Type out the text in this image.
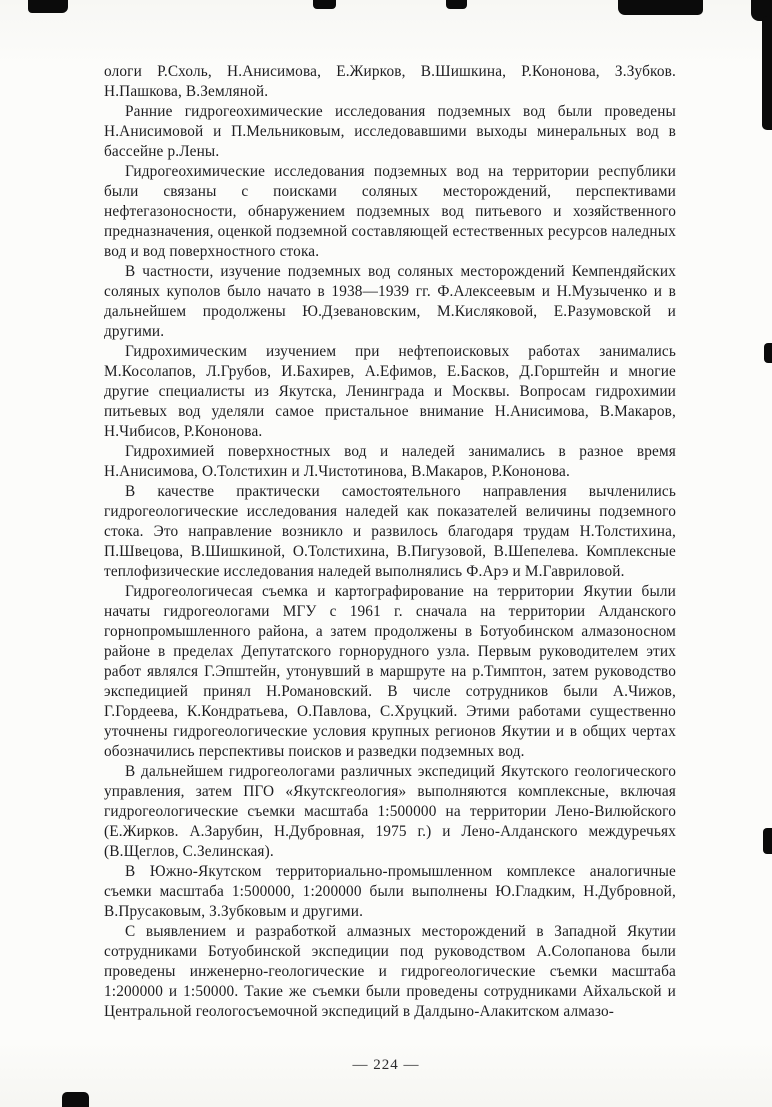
ологи Р.Схоль, Н.Анисимова, Е.Жирков, В.Шишкина, Р.Кононова, З.Зубков. Н.Пашкова, В.Земляной.

Ранние гидрогеохимические исследования подземных вод были проведены Н.Анисимовой и П.Мельниковым, исследовавшими выходы минеральных вод в бассейне р.Лены.

Гидрогеохимические исследования подземных вод на территории республики были связаны с поисками соляных месторождений, перспективами нефтегазоносности, обнаружением подземных вод питьевого и хозяйственного предназначения, оценкой подземной составляющей естественных ресурсов наледных вод и вод поверхностного стока.

В частности, изучение подземных вод соляных месторождений Кемпендяйских соляных куполов было начато в 1938—1939 гг. Ф.Алексеевым и Н.Музыченко и в дальнейшем продолжены Ю.Дзевановским, М.Кисляковой, Е.Разумовской и другими.

Гидрохимическим изучением при нефтепоисковых работах занимались М.Косолапов, Л.Грубов, И.Бахирев, А.Ефимов, Е.Басков, Д.Горштейн и многие другие специалисты из Якутска, Ленинграда и Москвы. Вопросам гидрохимии питьевых вод уделяли самое пристальное внимание Н.Анисимова, В.Макаров, Н.Чибисов, Р.Кононова.

Гидрохимией поверхностных вод и наледей занимались в разное время Н.Анисимова, О.Толстихин и Л.Чистотинова, В.Макаров, Р.Кононова.

В качестве практически самостоятельного направления вычленились гидрогеологические исследования наледей как показателей величины подземного стока. Это направление возникло и развилось благодаря трудам Н.Толстихина, П.Швецова, В.Шишкиной, О.Толстихина, В.Пигузовой, В.Шепелева. Комплексные теплофизические исследования наледей выполнялись Ф.Арэ и М.Гавриловой.

Гидрогеологичесая съемка и картографирование на территории Якутии были начаты гидрогеологами МГУ с 1961 г. сначала на территории Алданского горнопромышленного района, а затем продолжены в Ботуобинском алмазоносном районе в пределах Депутатского горнорудного узла. Первым руководителем этих работ являлся Г.Эпштейн, утонувший в маршруте на р.Тимптон, затем руководство экспедицией принял Н.Романовский. В числе сотрудников были А.Чижов, Г.Гордеева, К.Кондратьева, О.Павлова, С.Хруцкий. Этими работами существенно уточнены гидрогеологические условия крупных регионов Якутии и в общих чертах обозначились перспективы поисков и разведки подземных вод.

В дальнейшем гидрогеологами различных экспедиций Якутского геологического управления, затем ПГО «Якутскгеология» выполняются комплексные, включая гидрогеологические съемки масштаба 1:500000 на территории Лено-Вилюйского (Е.Жирков. А.Зарубин, Н.Дубровная, 1975 г.) и Лено-Алданского междуречьях (В.Щеглов, С.Зелинская).

В Южно-Якутском территориально-промышленном комплексе аналогичные съемки масштаба 1:500000, 1:200000 были выполнены Ю.Гладким, Н.Дубровной, В.Прусаковым, З.Зубковым и другими.

С выявлением и разработкой алмазных месторождений в Западной Якутии сотрудниками Ботуобинской экспедиции под руководством А.Солопанова были проведены инженерно-геологические и гидрогеологические съемки масштаба 1:200000 и 1:50000. Такие же съемки были проведены сотрудниками Айхальской и Центральной геологосъемочной экспедиций в Далдыно-Алакитском алмазо-

— 224 —
